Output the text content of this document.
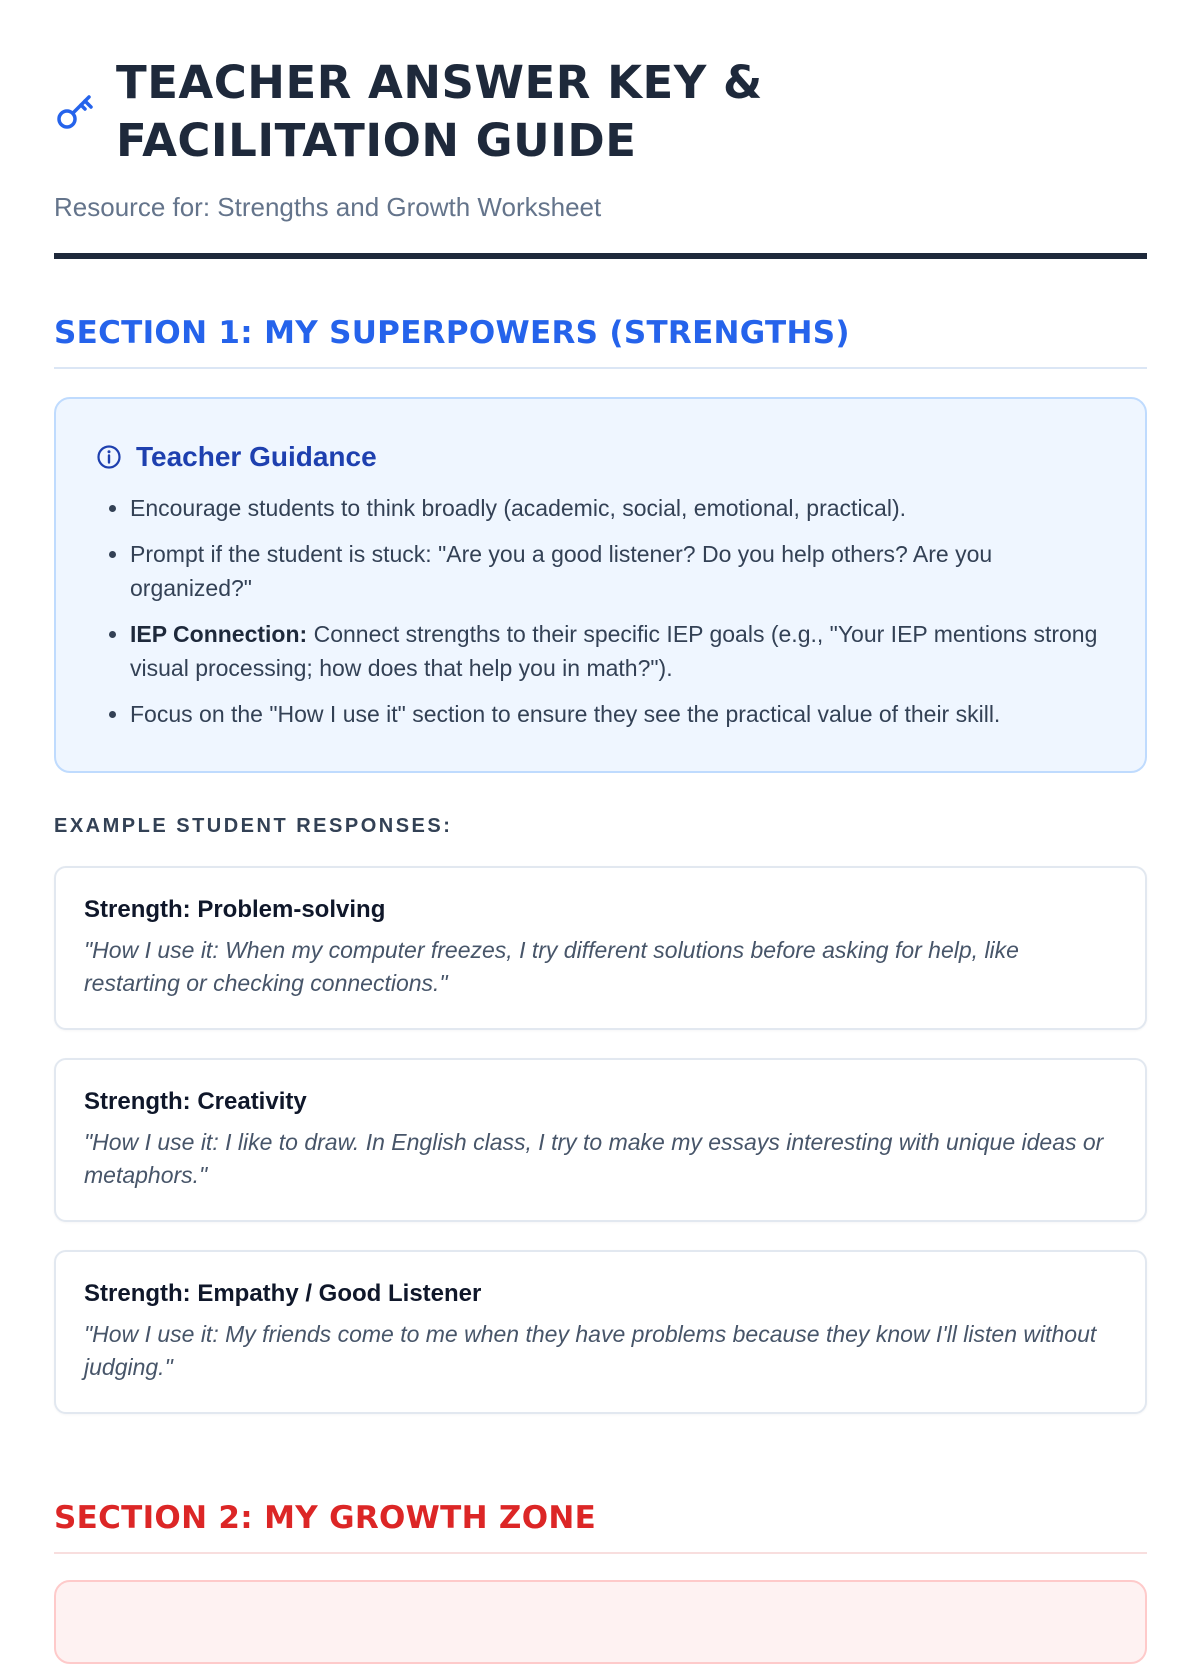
TEACHER ANSWER KEY & FACILITATION GUIDE
Resource for: Strengths and Growth Worksheet
SECTION 1: MY SUPERPOWERS (STRENGTHS)
Teacher Guidance
• Encourage students to think broadly (academic, social, emotional, practical).
• Prompt if the student is stuck: "Are you a good listener? Do you help others? Are you organized?"
• IEP Connection: Connect strengths to their specific IEP goals (e.g., "Your IEP mentions strong visual processing; how does that help you in math?").
• Focus on the "How I use it" section to ensure they see the practical value of their skill.
EXAMPLE STUDENT RESPONSES:
Strength: Problem-solving
"How I use it: When my computer freezes, I try different solutions before asking for help, like restarting or checking connections."
Strength: Creativity
"How I use it: I like to draw. In English class, I try to make my essays interesting with unique ideas or metaphors."
Strength: Empathy / Good Listener
"How I use it: My friends come to me when they have problems because they know I'll listen without judging."
SECTION 2: MY GROWTH ZONE
